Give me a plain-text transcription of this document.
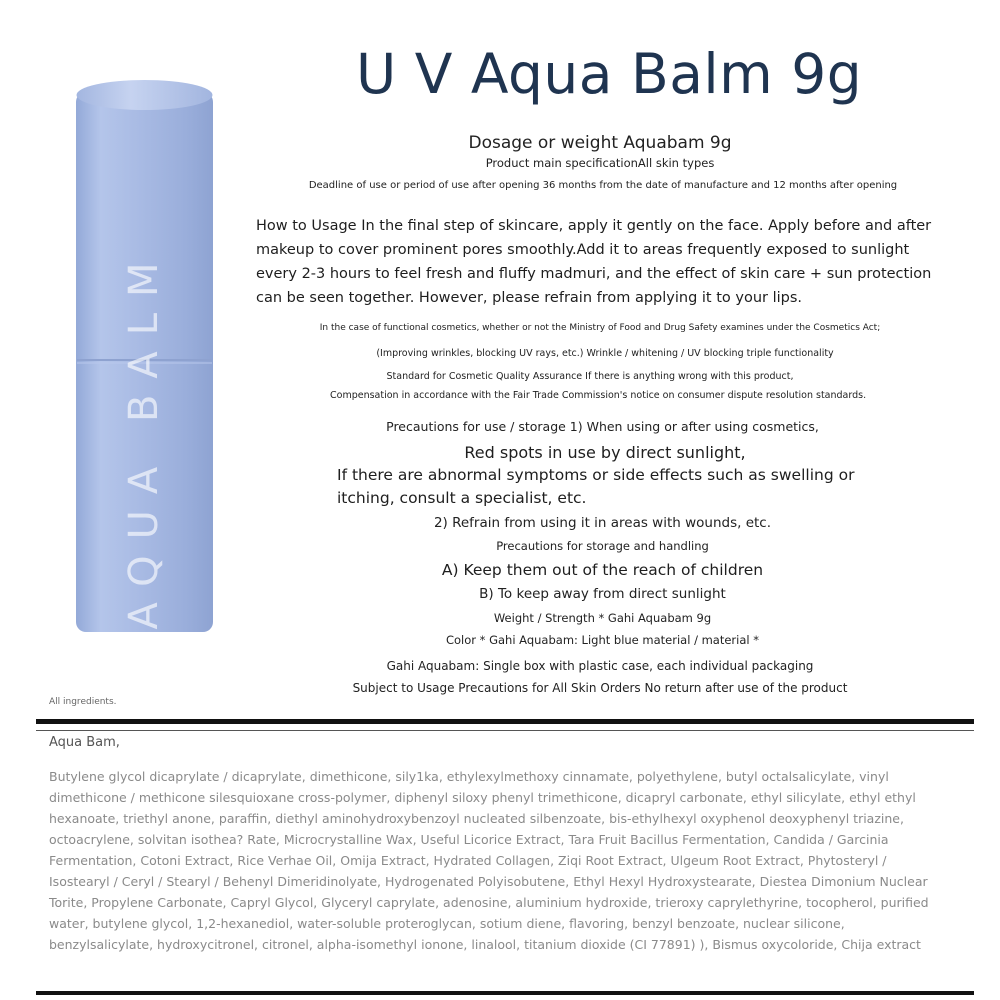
AQUA BALM
All ingredients.
U V Aqua Balm 9g

Dosage or weight Aquabam 9g

Product main specificationAll skin types

Deadline of use or period of use after opening 36 months from the date of manufacture and 12 months after opening

How to Usage In the final step of skincare, apply it gently on the face. Apply before and after makeup to cover prominent pores smoothly.Add it to areas frequently exposed to sunlight every 2-3 hours to feel fresh and fluffy madmuri, and the effect of skin care + sun protection can be seen together. However, please refrain from applying it to your lips.

In the case of functional cosmetics, whether or not the Ministry of Food and Drug Safety examines under the Cosmetics Act;

(Improving wrinkles, blocking UV rays, etc.) Wrinkle / whitening / UV blocking triple functionality

Standard for Cosmetic Quality Assurance If there is anything wrong with this product,

Compensation in accordance with the Fair Trade Commission's notice on consumer dispute resolution standards.

Precautions for use / storage 1) When using or after using cosmetics,

Red spots in use by direct sunlight,

If there are abnormal symptoms or side effects such as swelling or itching, consult a specialist, etc.

2) Refrain from using it in areas with wounds, etc.

Precautions for storage and handling

A) Keep them out of the reach of children

B) To keep away from direct sunlight

Weight / Strength * Gahi Aquabam 9g

Color * Gahi Aquabam: Light blue material / material *

Gahi Aquabam: Single box with plastic case, each individual packaging

Subject to Usage Precautions for All Skin Orders No return after use of the product

Aqua Bam,

Butylene glycol dicaprylate / dicaprylate, dimethicone, sily1ka, ethylexylmethoxy cinnamate, polyethylene, butyl octalsalicylate, vinyl dimethicone / methicone silesquioxane cross-polymer, diphenyl siloxy phenyl trimethicone, dicapryl carbonate, ethyl silicylate, ethyl ethyl hexanoate, triethyl anone, paraffin, diethyl aminohydroxybenzoyl nucleated silbenzoate, bis-ethylhexyl oxyphenol deoxyphenyl triazine, octoacrylene, solvitan isothea? Rate, Microcrystalline Wax, Useful Licorice Extract, Tara Fruit Bacillus Fermentation, Candida / Garcinia Fermentation, Cotoni Extract, Rice Verhae Oil, Omija Extract, Hydrated Collagen, Ziqi Root Extract, Ulgeum Root Extract, Phytosteryl / Isostearyl / Ceryl / Stearyl / Behenyl Dimeridinolyate, Hydrogenated Polyisobutene, Ethyl Hexyl Hydroxystearate, Diestea Dimonium Nuclear Torite, Propylene Carbonate, Capryl Glycol, Glyceryl caprylate, adenosine, aluminium hydroxide, trieroxy caprylethyrine, tocopherol, purified water, butylene glycol, 1,2-hexanediol, water-soluble proteroglycan, sotium diene, flavoring, benzyl benzoate, nuclear silicone, benzylsalicylate, hydroxycitronel, citronel, alpha-isomethyl ionone, linalool, titanium dioxide (CI 77891) ), Bismus oxycoloride, Chija extract
